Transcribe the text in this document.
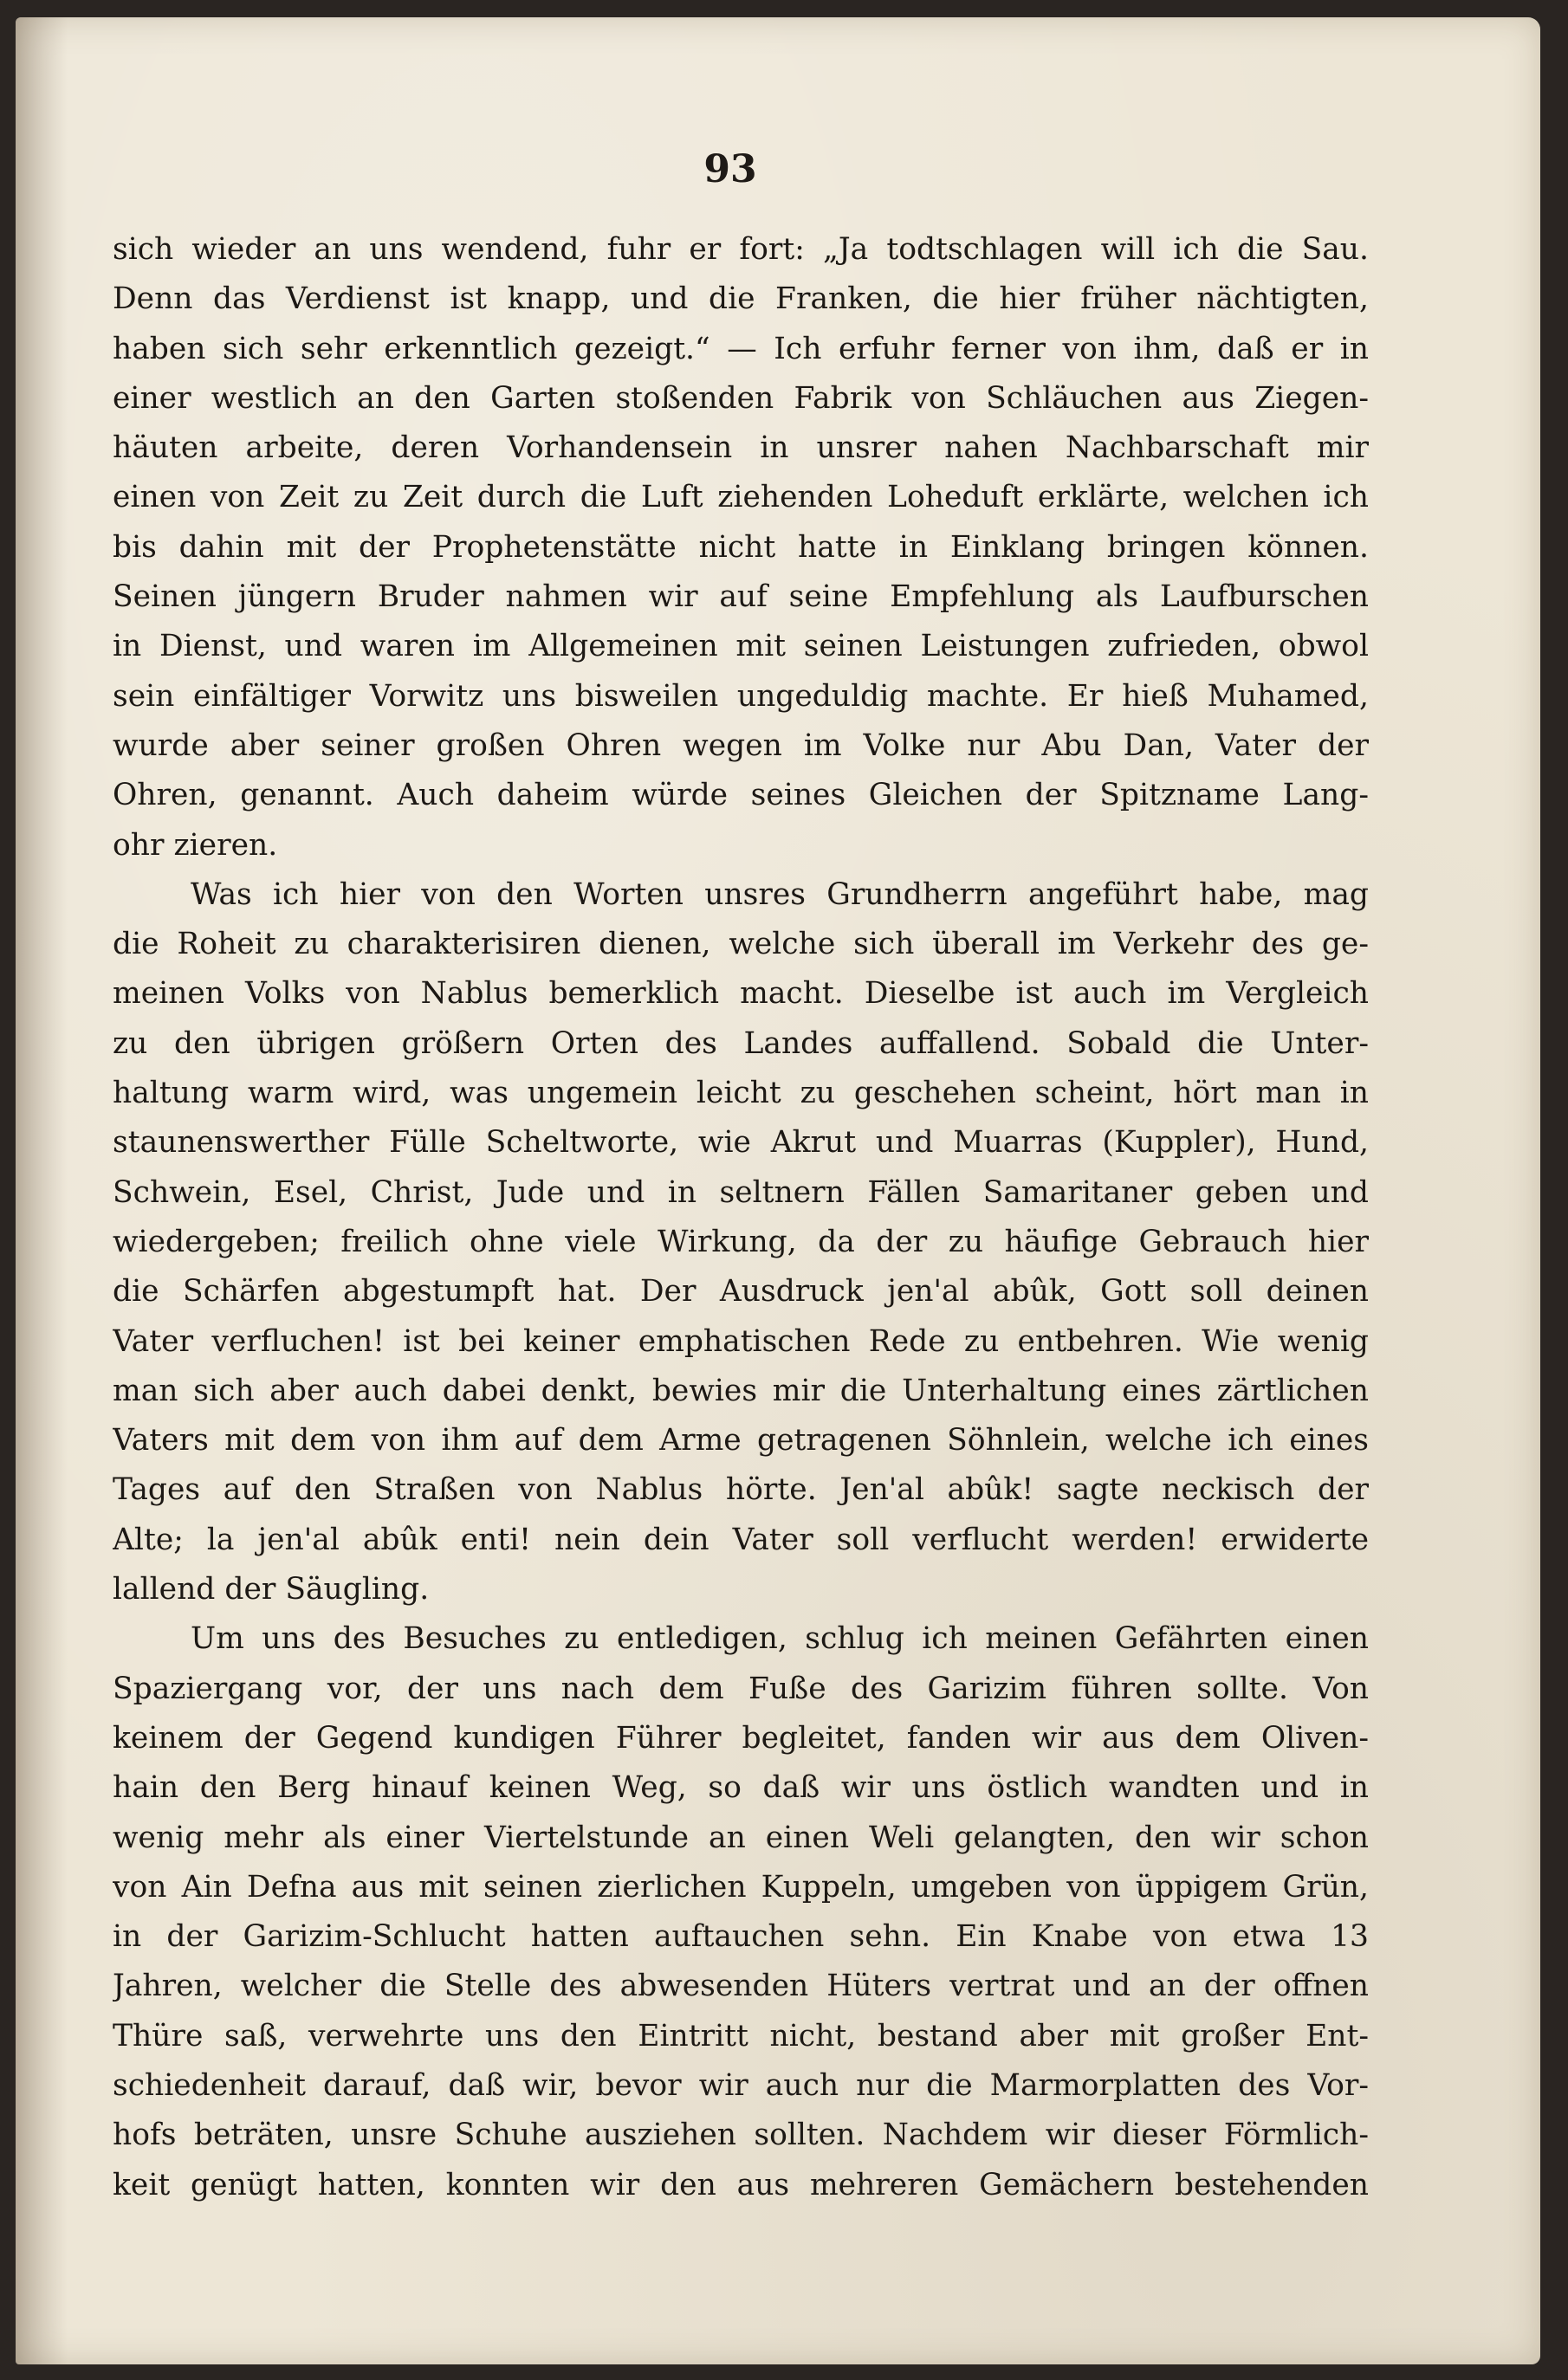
93
sich wieder an uns wendend, fuhr er fort: „Ja todtschlagen will ich die Sau.
Denn das Verdienst ist knapp, und die Franken, die hier früher nächtigten,
haben sich sehr erkenntlich gezeigt.“ — Ich erfuhr ferner von ihm, daß er in
einer westlich an den Garten stoßenden Fabrik von Schläuchen aus Ziegen-
häuten arbeite, deren Vorhandensein in unsrer nahen Nachbarschaft mir
einen von Zeit zu Zeit durch die Luft ziehenden Loheduft erklärte, welchen ich
bis dahin mit der Prophetenstätte nicht hatte in Einklang bringen können.
Seinen jüngern Bruder nahmen wir auf seine Empfehlung als Laufburschen
in Dienst, und waren im Allgemeinen mit seinen Leistungen zufrieden, obwol
sein einfältiger Vorwitz uns bisweilen ungeduldig machte. Er hieß Muhamed,
wurde aber seiner großen Ohren wegen im Volke nur Abu Dan, Vater der
Ohren, genannt. Auch daheim würde seines Gleichen der Spitzname Lang-
ohr zieren.
Was ich hier von den Worten unsres Grundherrn angeführt habe, mag
die Roheit zu charakterisiren dienen, welche sich überall im Verkehr des ge-
meinen Volks von Nablus bemerklich macht. Dieselbe ist auch im Vergleich
zu den übrigen größern Orten des Landes auffallend. Sobald die Unter-
haltung warm wird, was ungemein leicht zu geschehen scheint, hört man in
staunenswerther Fülle Scheltworte, wie Akrut und Muarras (Kuppler), Hund,
Schwein, Esel, Christ, Jude und in seltnern Fällen Samaritaner geben und
wiedergeben; freilich ohne viele Wirkung, da der zu häufige Gebrauch hier
die Schärfen abgestumpft hat. Der Ausdruck jen'al abûk, Gott soll deinen
Vater verfluchen! ist bei keiner emphatischen Rede zu entbehren. Wie wenig
man sich aber auch dabei denkt, bewies mir die Unterhaltung eines zärtlichen
Vaters mit dem von ihm auf dem Arme getragenen Söhnlein, welche ich eines
Tages auf den Straßen von Nablus hörte. Jen'al abûk! sagte neckisch der
Alte; la jen'al abûk enti! nein dein Vater soll verflucht werden! erwiderte
lallend der Säugling.
Um uns des Besuches zu entledigen, schlug ich meinen Gefährten einen
Spaziergang vor, der uns nach dem Fuße des Garizim führen sollte. Von
keinem der Gegend kundigen Führer begleitet, fanden wir aus dem Oliven-
hain den Berg hinauf keinen Weg, so daß wir uns östlich wandten und in
wenig mehr als einer Viertelstunde an einen Weli gelangten, den wir schon
von Ain Defna aus mit seinen zierlichen Kuppeln, umgeben von üppigem Grün,
in der Garizim-Schlucht hatten auftauchen sehn. Ein Knabe von etwa 13
Jahren, welcher die Stelle des abwesenden Hüters vertrat und an der offnen
Thüre saß, verwehrte uns den Eintritt nicht, bestand aber mit großer Ent-
schiedenheit darauf, daß wir, bevor wir auch nur die Marmorplatten des Vor-
hofs beträten, unsre Schuhe ausziehen sollten. Nachdem wir dieser Förmlich-
keit genügt hatten, konnten wir den aus mehreren Gemächern bestehenden
